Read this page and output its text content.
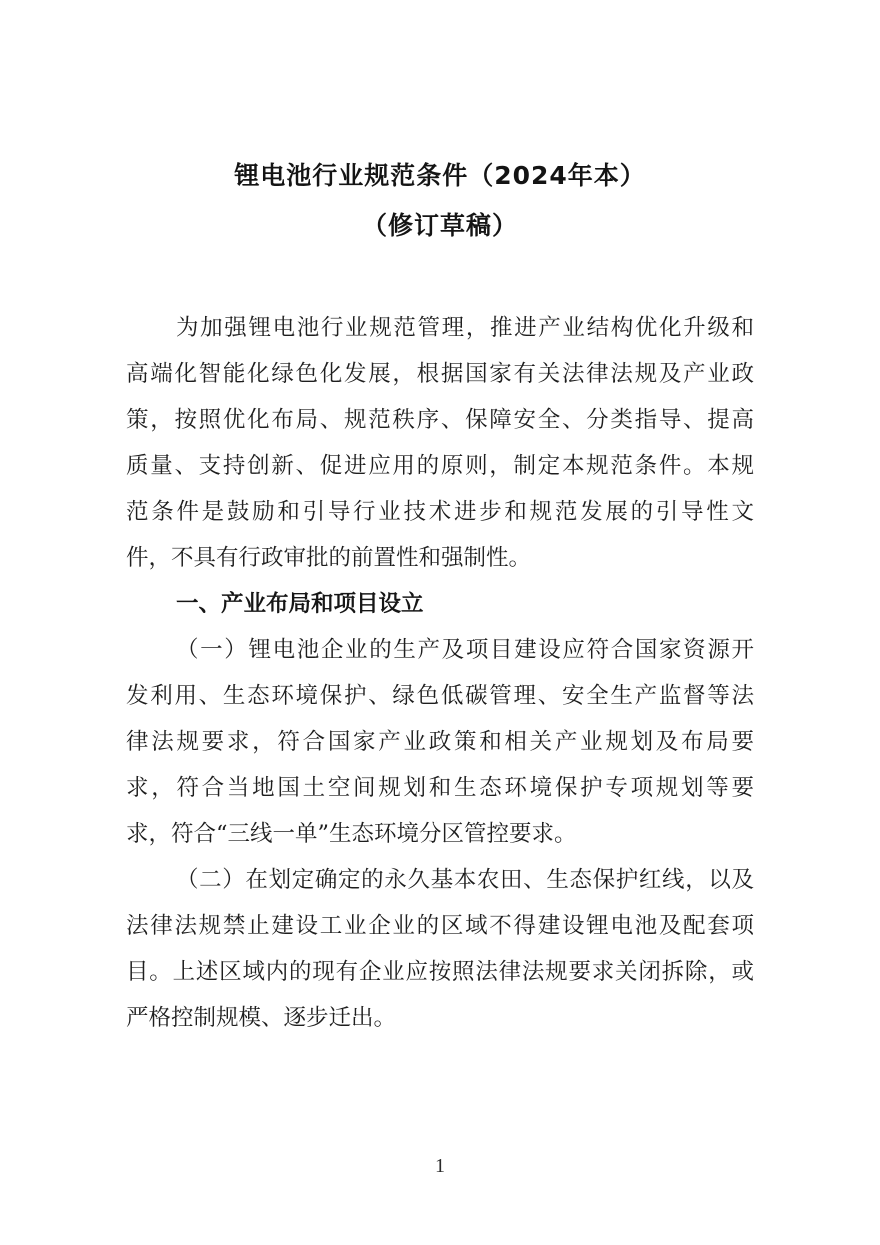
锂电池行业规范条件（2024年本）
（修订草稿）
为加强锂电池行业规范管理，推进产业结构优化升级和
高端化智能化绿色化发展，根据国家有关法律法规及产业政
策，按照优化布局、规范秩序、保障安全、分类指导、提高
质量、支持创新、促进应用的原则，制定本规范条件。本规
范条件是鼓励和引导行业技术进步和规范发展的引导性文
件，不具有行政审批的前置性和强制性。
一、产业布局和项目设立
（一）锂电池企业的生产及项目建设应符合国家资源开
发利用、生态环境保护、绿色低碳管理、安全生产监督等法
律法规要求，符合国家产业政策和相关产业规划及布局要
求，符合当地国土空间规划和生态环境保护专项规划等要
求，符合“三线一单”生态环境分区管控要求。
（二）在划定确定的永久基本农田、生态保护红线，以及
法律法规禁止建设工业企业的区域不得建设锂电池及配套项
目。上述区域内的现有企业应按照法律法规要求关闭拆除，或
严格控制规模、逐步迁出。
1
